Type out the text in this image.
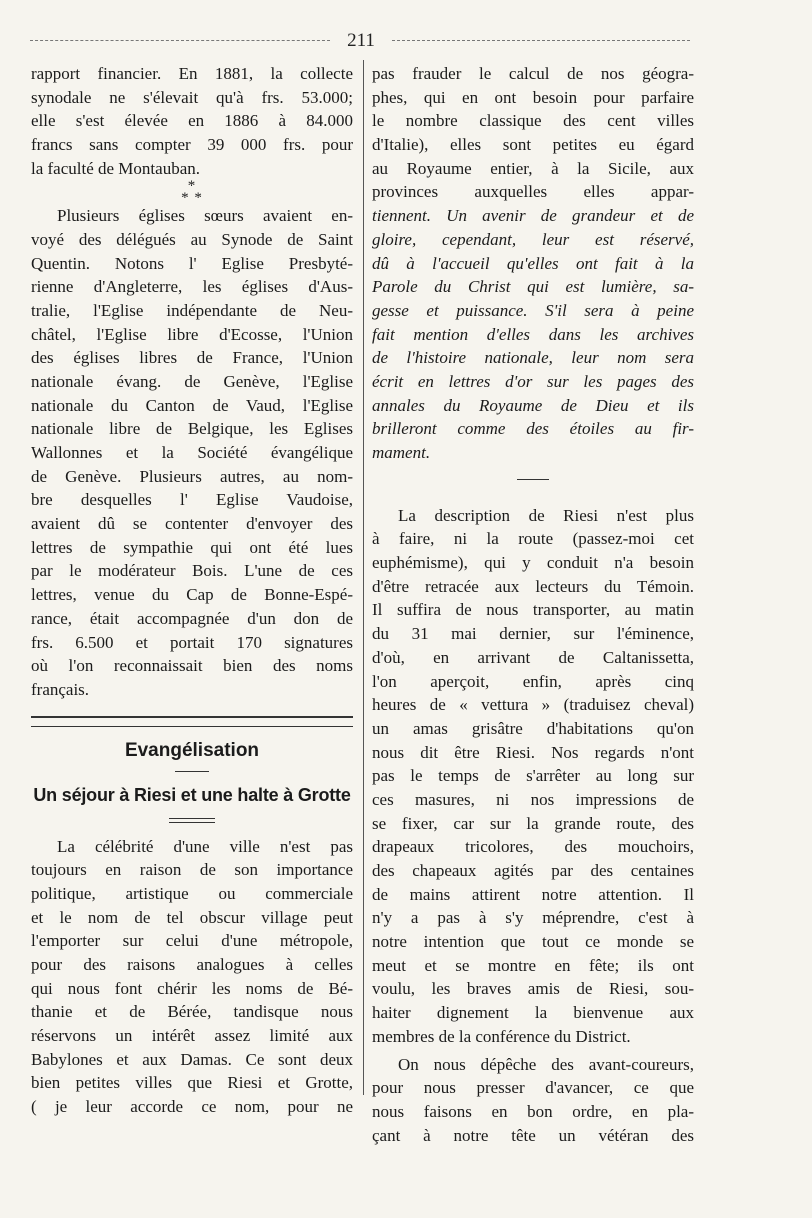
211
rapport financier. En 1881, la collecte
synodale ne s'élevait qu'à frs. 53.000;
elle s'est élevée en 1886 à 84.000
francs sans compter 39 000 frs. pour
la faculté de Montauban.
*
* *
Plusieurs églises sœurs avaient en-
voyé des délégués au Synode de Saint
Quentin. Notons l' Eglise Presbyté-
rienne d'Angleterre, les églises d'Aus-
tralie, l'Eglise indépendante de Neu-
châtel, l'Eglise libre d'Ecosse, l'Union
des églises libres de France, l'Union
nationale évang. de Genève, l'Eglise
nationale du Canton de Vaud, l'Eglise
nationale libre de Belgique, les Eglises
Wallonnes et la Société évangélique
de Genève. Plusieurs autres, au nom-
bre desquelles l' Eglise Vaudoise,
avaient dû se contenter d'envoyer des
lettres de sympathie qui ont été lues
par le modérateur Bois. L'une de ces
lettres, venue du Cap de Bonne-Espé-
rance, était accompagnée d'un don de
frs. 6.500 et portait 170 signatures
où l'on reconnaissait bien des noms
français.
Evangélisation
Un séjour à Riesi et une halte à Grotte
La célébrité d'une ville n'est pas
toujours en raison de son importance
politique, artistique ou commerciale
et le nom de tel obscur village peut
l'emporter sur celui d'une métropole,
pour des raisons analogues à celles
qui nous font chérir les noms de Bé-
thanie et de Bérée, tandisque nous
réservons un intérêt assez limité aux
Babylones et aux Damas. Ce sont deux
bien petites villes que Riesi et Grotte,
( je leur accorde ce nom, pour ne
pas frauder le calcul de nos géogra-
phes, qui en ont besoin pour parfaire
le nombre classique des cent villes
d'Italie), elles sont petites eu égard
au Royaume entier, à la Sicile, aux
provinces auxquelles elles appar-
tiennent. Un avenir de grandeur et de
gloire, cependant, leur est réservé,
dû à l'accueil qu'elles ont fait à la
Parole du Christ qui est lumière, sa-
gesse et puissance. S'il sera à peine
fait mention d'elles dans les archives
de l'histoire nationale, leur nom sera
écrit en lettres d'or sur les pages des
annales du Royaume de Dieu et ils
brilleront comme des étoiles au fir-
mament.
La description de Riesi n'est plus
à faire, ni la route (passez-moi cet
euphémisme), qui y conduit n'a besoin
d'être retracée aux lecteurs du Témoin.
Il suffira de nous transporter, au matin
du 31 mai dernier, sur l'éminence,
d'où, en arrivant de Caltanissetta,
l'on aperçoit, enfin, après cinq
heures de « vettura » (traduisez cheval)
un amas grisâtre d'habitations qu'on
nous dit être Riesi. Nos regards n'ont
pas le temps de s'arrêter au long sur
ces masures, ni nos impressions de
se fixer, car sur la grande route, des
drapeaux tricolores, des mouchoirs,
des chapeaux agités par des centaines
de mains attirent notre attention. Il
n'y a pas à s'y méprendre, c'est à
notre intention que tout ce monde se
meut et se montre en fête; ils ont
voulu, les braves amis de Riesi, sou-
haiter dignement la bienvenue aux
membres de la conférence du District.
On nous dépêche des avant-coureurs,
pour nous presser d'avancer, ce que
nous faisons en bon ordre, en pla-
çant à notre tête un vétéran des
